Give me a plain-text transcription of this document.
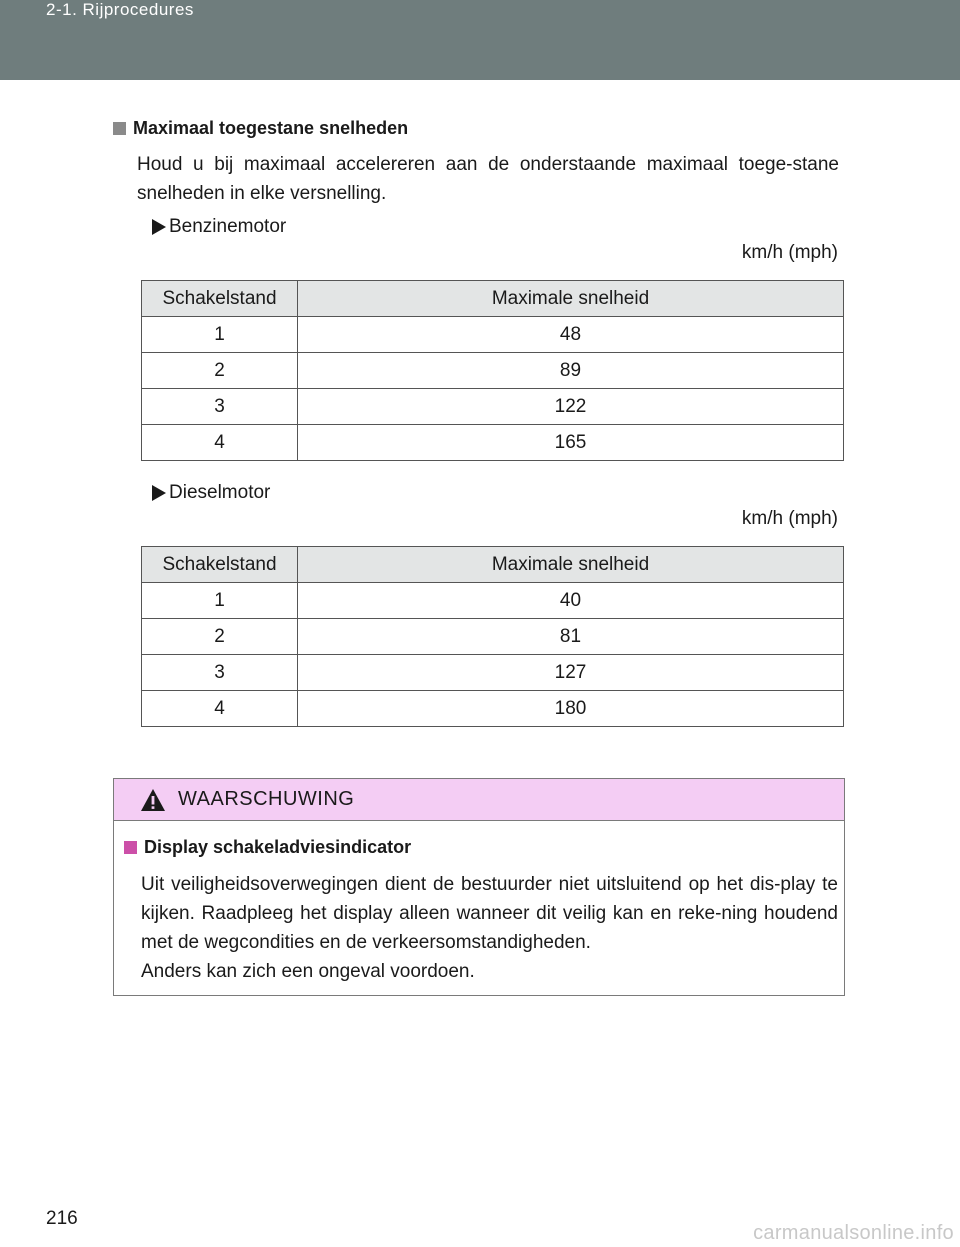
2-1. Rijprocedures
Maximaal toegestane snelheden
Houd u bij maximaal accelereren aan de onderstaande maximaal toege-stane snelheden in elke versnelling.
Benzinemotor
km/h (mph)
Schakelstand	Maximale snelheid
1	48
2	89
3	122
4	165
Dieselmotor
km/h (mph)
Schakelstand	Maximale snelheid
1	40
2	81
3	127
4	180
WAARSCHUWING
Display schakeladviesindicator

Uit veiligheidsoverwegingen dient de bestuurder niet uitsluitend op het dis-play te kijken. Raadpleeg het display alleen wanneer dit veilig kan en reke-ning houdend met de wegcondities en de verkeersomstandigheden.

Anders kan zich een ongeval voordoen.

216
carmanualsonline.info
